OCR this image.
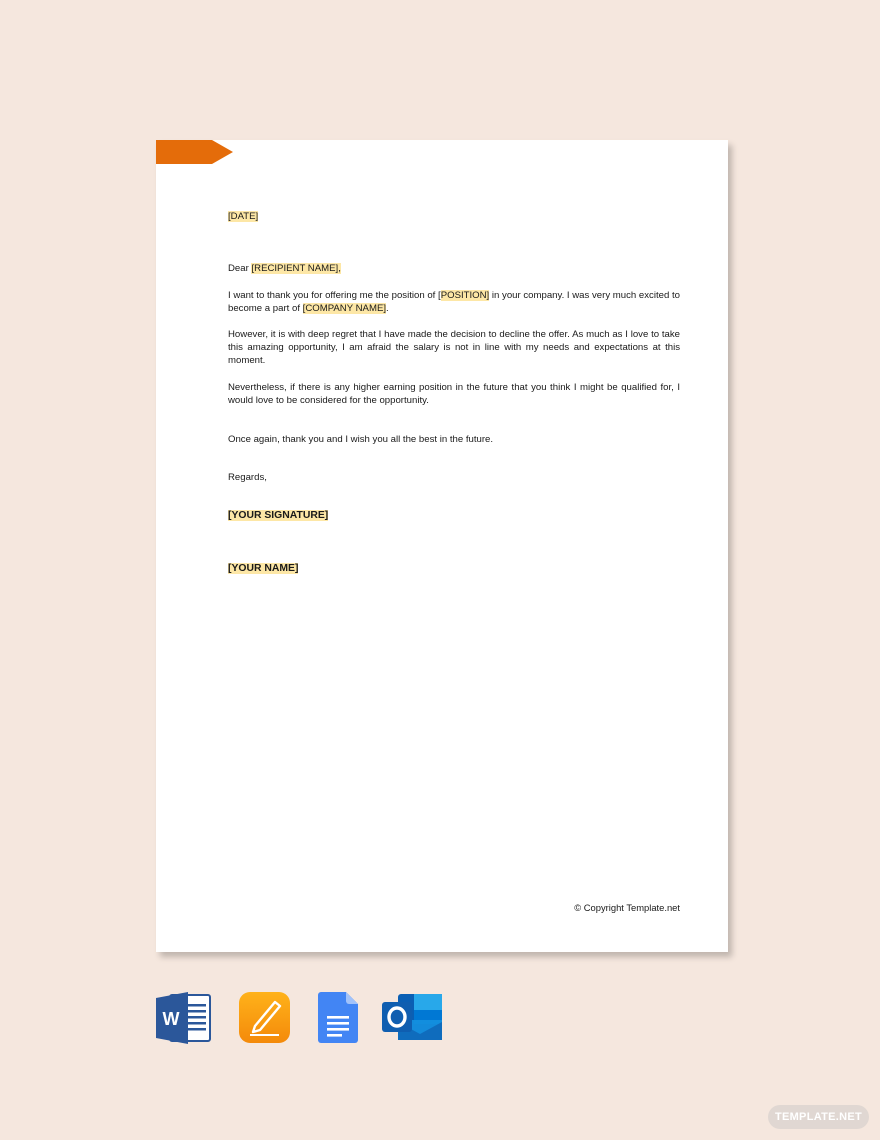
[DATE]

Dear [RECIPIENT NAME],

I want to thank you for offering me the position of [POSITION] in your company. I was very much excited to become a part of [COMPANY NAME].

However, it is with deep regret that I have made the decision to decline the offer. As much as I love to take this amazing opportunity, I am afraid the salary is not in line with my needs and expectations at this moment.

Nevertheless, if there is any higher earning position in the future that you think I might be qualified for, I would love to be considered for the opportunity.

Once again, thank you and I wish you all the best in the future.

Regards,

[YOUR SIGNATURE]

[YOUR NAME]

© Copyright Template.net
W
TEMPLATE.NET
